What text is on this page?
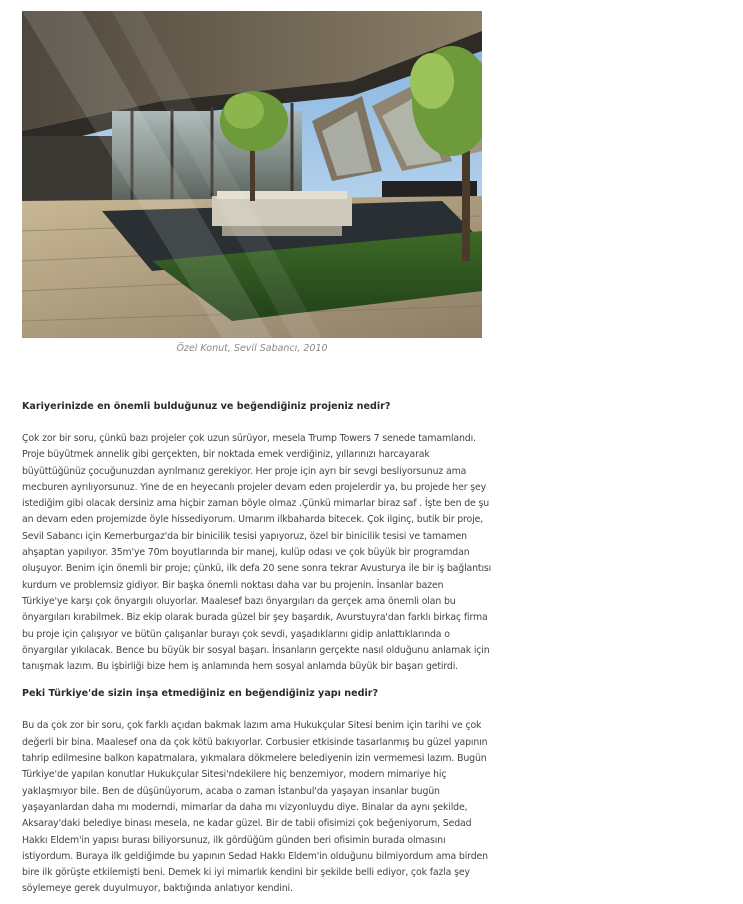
Özel Konut, Sevil Sabancı, 2010

Kariyerinizde en önemli bulduğunuz ve beğendiğiniz projeniz nedir?

Çok zor bir soru, çünkü bazı projeler çok uzun sürüyor, mesela Trump Towers 7 senede tamamlandı. Proje büyütmek annelik gibi gerçekten, bir noktada emek verdiğiniz, yıllarınızı harcayarak büyüttüğünüz çocuğunuzdan ayrılmanız gerekiyor. Her proje için ayrı bir sevgi besliyorsunuz ama mecburen ayrılıyorsunuz. Yine de en heyecanlı projeler devam eden projelerdir ya, bu projede her şey istediğim gibi olacak dersiniz ama hiçbir zaman böyle olmaz .Çünkü mimarlar biraz saf . İşte ben de şu an devam eden projemizde öyle hissediyorum. Umarım ilkbaharda bitecek. Çok ilginç, butik bir proje, Sevil Sabancı için Kemerburgaz'da bir binicilik tesisi yapıyoruz, özel bir binicilik tesisi ve tamamen ahşaptan yapılıyor. 35m'ye 70m boyutlarında bir manej, kulüp odası ve çok büyük bir programdan oluşuyor. Benim için önemli bir proje; çünkü, ilk defa 20 sene sonra tekrar Avusturya ile bir iş bağlantısı kurdum ve problemsiz gidiyor. Bir başka önemli noktası daha var bu projenin. İnsanlar bazen Türkiye'ye karşı çok önyargılı oluyorlar. Maalesef bazı önyargıları da gerçek ama önemli olan bu önyargıları kırabilmek. Biz ekip olarak burada güzel bir şey başardık, Avurstuyra'dan farklı birkaç firma bu proje için çalışıyor ve bütün çalışanlar burayı çok sevdi, yaşadıklarını gidip anlattıklarında o önyargılar yıkılacak. Bence bu büyük bir sosyal başarı. İnsanların gerçekte nasıl olduğunu anlamak için tanışmak lazım. Bu işbirliği bize hem iş anlamında hem sosyal anlamda büyük bir başarı getirdi.

Peki Türkiye'de sizin inşa etmediğiniz en beğendiğiniz yapı nedir?

Bu da çok zor bir soru, çok farklı açıdan bakmak lazım ama Hukukçular Sitesi benim için tarihi ve çok değerli bir bina. Maalesef ona da çok kötü bakıyorlar. Corbusier etkisinde tasarlanmış bu güzel yapının tahrip edilmesine balkon kapatmalara, yıkmalara dökmelere belediyenin izin vermemesi lazım. Bugün Türkiye'de yapılan konutlar Hukukçular Sitesi'ndekilere hiç benzemiyor, modern mimariye hiç yaklaşmıyor bile. Ben de düşünüyorum, acaba o zaman İstanbul'da yaşayan insanlar bugün yaşayanlardan daha mı moderndi, mimarlar da daha mı vizyonluydu diye. Binalar da aynı şekilde, Aksaray'daki belediye binası mesela, ne kadar güzel. Bir de tabii ofisimizi çok beğeniyorum, Sedad Hakkı Eldem'in yapısı burası biliyorsunuz, ilk gördüğüm günden beri ofisimin burada olmasını istiyordum. Buraya ilk geldiğimde bu yapının Sedad Hakkı Eldem'in olduğunu bilmiyordum ama birden bire ilk görüşte etkilemişti beni. Demek ki iyi mimarlık kendini bir şekilde belli ediyor, çok fazla şey söylemeye gerek duyulmuyor, baktığında anlatıyor kendini.
